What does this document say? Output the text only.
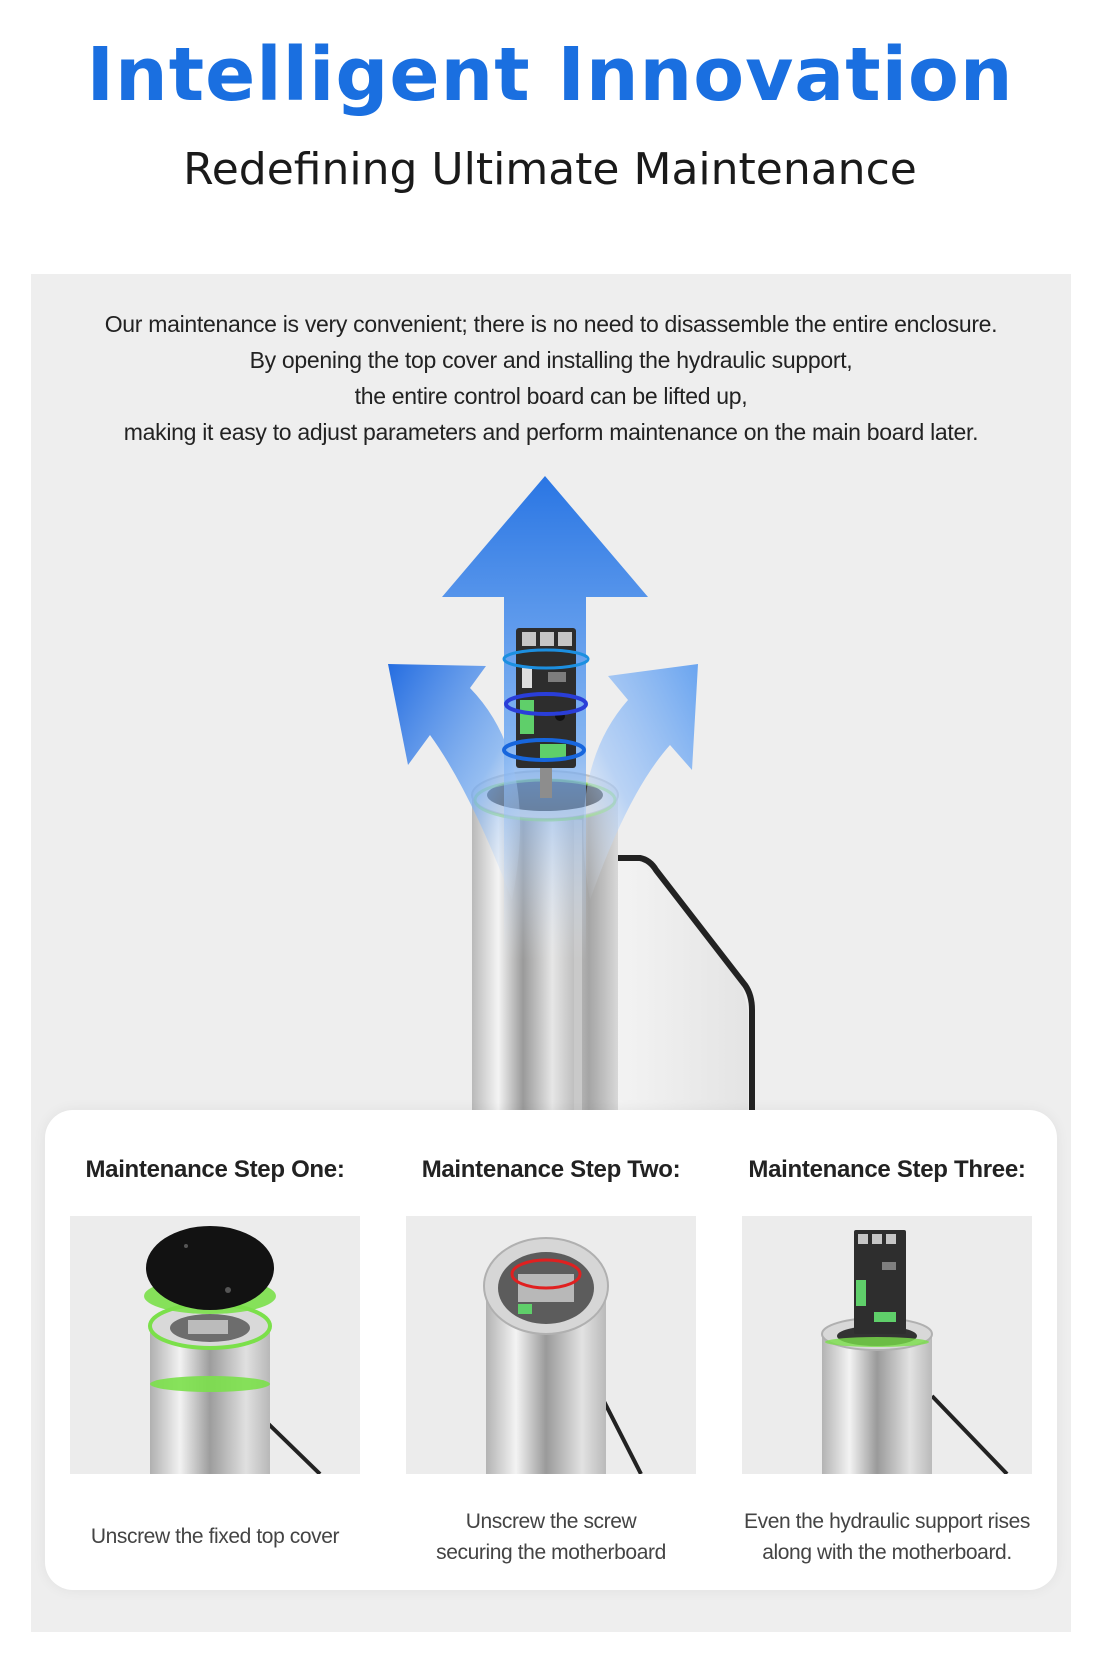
Intelligent Innovation
Redefining Ultimate Maintenance
Our maintenance is very convenient; there is no need to disassemble the entire enclosure.
By opening the top cover and installing the hydraulic support,
the entire control board can be lifted up,
making it easy to adjust parameters and perform maintenance on the main board later.
Maintenance Step One:
Unscrew the fixed top cover
Maintenance Step Two:
Unscrew the screw
securing the motherboard
Maintenance Step Three:
Even the hydraulic support rises
along with the motherboard.
